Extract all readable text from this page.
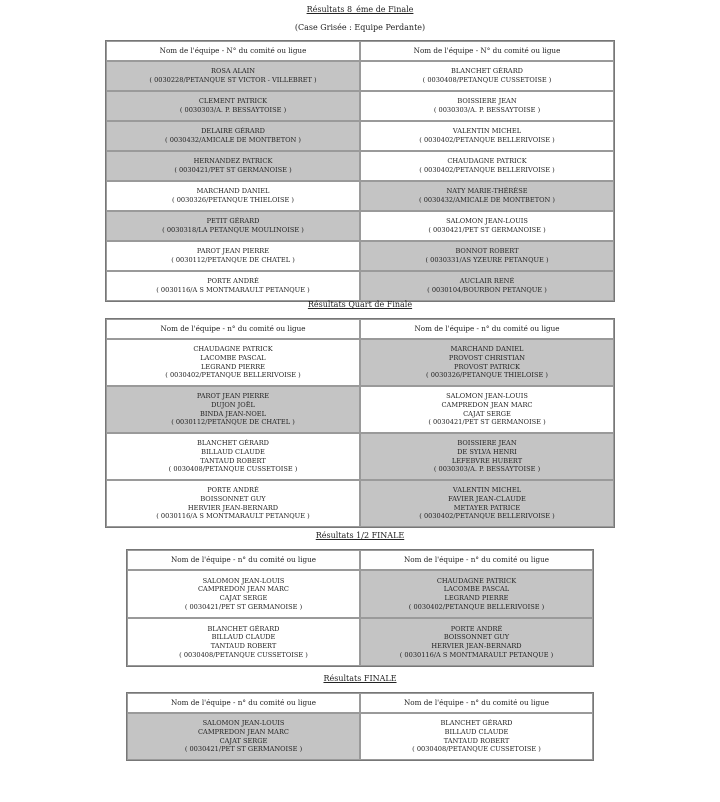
Résultats 8_éme de Finale
(Case Grisée : Equipe Perdante)
Nom de l'équipe - N° du comité ou ligue	Nom de l'équipe - N° du comité ou ligue

ROSA ALAIN
( 0030228/PETANQUE ST VICTOR - VILLEBRET )	BLANCHET GÉRARD
( 0030408/PETANQUE CUSSETOISE )

CLEMENT PATRICK
( 0030303/A. P. BESSAYTOISE )	BOISSIERE JEAN
( 0030303/A. P. BESSAYTOISE )

DELAIRE GÉRARD
( 0030432/AMICALE DE MONTBETON )	VALENTIN MICHEL
( 0030402/PETANQUE BELLERIVOISE )

HERNANDEZ PATRICK
( 0030421/PET ST GERMANOISE )	CHAUDAGNE PATRICK
( 0030402/PETANQUE BELLERIVOISE )

MARCHAND DANIEL
( 0030326/PETANQUE THIELOISE )	NATY MARIE-THÉRÈSE
( 0030432/AMICALE DE MONTBETON )

PETIT GÉRARD
( 0030318/LA PETANQUE MOULINOISE )	SALOMON JEAN-LOUIS
( 0030421/PET ST GERMANOISE )

PAROT JEAN PIERRE
( 0030112/PETANQUE DE CHATEL )	BONNOT ROBERT
( 0030331/AS YZEURE PETANQUE )

PORTE ANDRÉ
( 0030116/A S MONTMARAULT PETANQUE )	AUCLAIR RENÉ
( 0030104/BOURBON PETANQUE )
Résultats Quart de Finale
Nom de l'équipe - n° du comité ou ligue	Nom de l'équipe - n° du comité ou ligue

CHAUDAGNE PATRICK
LACOMBE PASCAL
LEGRAND PIERRE
( 0030402/PETANQUE BELLERIVOISE )	MARCHAND DANIEL
PROVOST CHRISTIAN
PROVOST PATRICK
( 0030326/PETANQUE THIELOISE )

PAROT JEAN PIERRE
DUJON JOËL
BINDA JEAN-NOEL
( 0030112/PETANQUE DE CHATEL )	SALOMON JEAN-LOUIS
CAMPREDON JEAN MARC
CAJAT SERGE
( 0030421/PET ST GERMANOISE )

BLANCHET GÉRARD
BILLAUD CLAUDE
TANTAUD ROBERT
( 0030408/PETANQUE CUSSETOISE )	BOISSIERE JEAN
DE SYLVA HENRI
LEFEBVRE HUBERT
( 0030303/A. P. BESSAYTOISE )

PORTE ANDRÉ
BOISSONNET GUY
HERVIER JEAN-BERNARD
( 0030116/A S MONTMARAULT PETANQUE )	VALENTIN MICHEL
FAVIER JEAN-CLAUDE
METAYER PATRICE
( 0030402/PETANQUE BELLERIVOISE )
Résultats 1/2 FINALE
Nom de l'équipe - n° du comité ou ligue	Nom de l'équipe - n° du comité ou ligue

SALOMON JEAN-LOUIS
CAMPREDON JEAN MARC
CAJAT SERGE
( 0030421/PET ST GERMANOISE )	CHAUDAGNE PATRICK
LACOMBE PASCAL
LEGRAND PIERRE
( 0030402/PETANQUE BELLERIVOISE )

BLANCHET GÉRARD
BILLAUD CLAUDE
TANTAUD ROBERT
( 0030408/PETANQUE CUSSETOISE )	PORTE ANDRÉ
BOISSONNET GUY
HERVIER JEAN-BERNARD
( 0030116/A S MONTMARAULT PETANQUE )
Résultats FINALE
Nom de l'équipe - n° du comité ou ligue	Nom de l'équipe - n° du comité ou ligue

SALOMON JEAN-LOUIS
CAMPREDON JEAN MARC
CAJAT SERGE
( 0030421/PET ST GERMANOISE )	BLANCHET GÉRARD
BILLAUD CLAUDE
TANTAUD ROBERT
( 0030408/PETANQUE CUSSETOISE )
